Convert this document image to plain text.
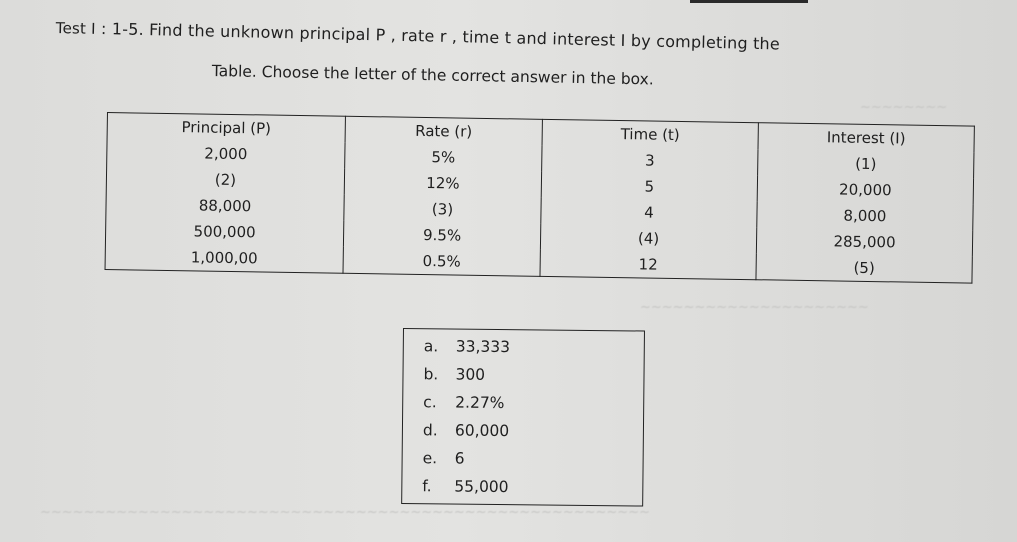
~~~~~~~~
~~~~~~~~~~~~~~~~~~~~~
~~~~~~~~~~~~~~~~~~~~~~~~~~~~~~~~~~~~~~~~~~~~~~~~~~~~~~~~
Test I : 1-5. Find the unknown principal P , rate r , time t and interest I by completing the
Table. Choose the letter of the correct answer in the box.
Principal (P)	Rate (r)	Time (t)	Interest (I)
2,000	5%	3	(1)
(2)	12%	5	20,000
88,000	(3)	4	8,000
500,000	9.5%	(4)	285,000
1,000,00	0.5%	12	(5)
a. 33,333
b. 300
c. 2.27%
d. 60,000
e. 6
f. 55,000
